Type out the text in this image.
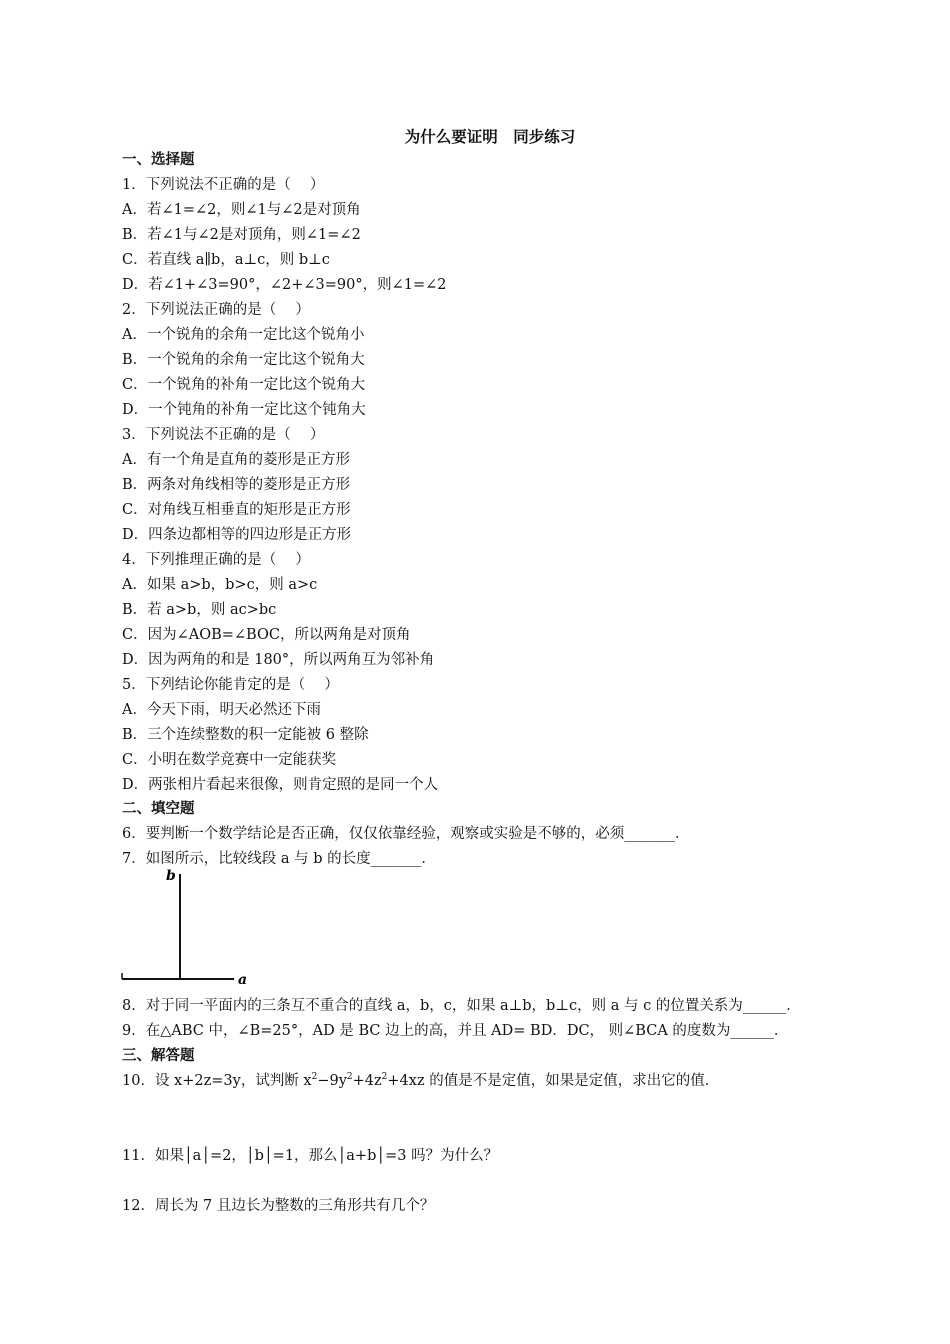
为什么要证明　同步练习
一、选择题
1．下列说法不正确的是（　 ）
A．若∠1=∠2，则∠1与∠2是对顶角
B．若∠1与∠2是对顶角，则∠1=∠2
C．若直线 a∥b，a⊥c，则 b⊥c
D．若∠1+∠3=90°，∠2+∠3=90°，则∠1=∠2
2．下列说法正确的是（　 ）
A．一个锐角的余角一定比这个锐角小
B．一个锐角的余角一定比这个锐角大
C．一个锐角的补角一定比这个锐角大
D．一个钝角的补角一定比这个钝角大
3．下列说法不正确的是（　 ）
A．有一个角是直角的菱形是正方形
B．两条对角线相等的菱形是正方形
C．对角线互相垂直的矩形是正方形
D．四条边都相等的四边形是正方形
4．下列推理正确的是（　 ）
A．如果 a>b，b>c，则 a>c
B．若 a>b，则 ac>bc
C．因为∠AOB=∠BOC，所以两角是对顶角
D．因为两角的和是 180°，所以两角互为邻补角
5．下列结论你能肯定的是（　 ）
A．今天下雨，明天必然还下雨
B．三个连续整数的积一定能被 6 整除
C．小明在数学竞赛中一定能获奖
D．两张相片看起来很像，则肯定照的是同一个人
二、填空题
6．要判断一个数学结论是否正确，仅仅依靠经验，观察或实验是不够的，必须_______．
7．如图所示，比较线段 a 与 b 的长度_______．
b
a
8．对于同一平面内的三条互不重合的直线 a，b，c，如果 a⊥b，b⊥c，则 a 与 c 的位置关系为______．
9．在△ABC 中，∠B=25°，AD 是 BC 边上的高，并且 AD= BD．DC， 则∠BCA 的度数为______．
三、解答题
10．设 x+2z=3y，试判断 $x^2-9y^2+4z^2+4xz$ 的值是不是定值，如果是定值，求出它的值．
11．如果│a│=2，│b│=1，那么│a+b│=3 吗？为什么？
12．周长为 7 且边长为整数的三角形共有几个？
